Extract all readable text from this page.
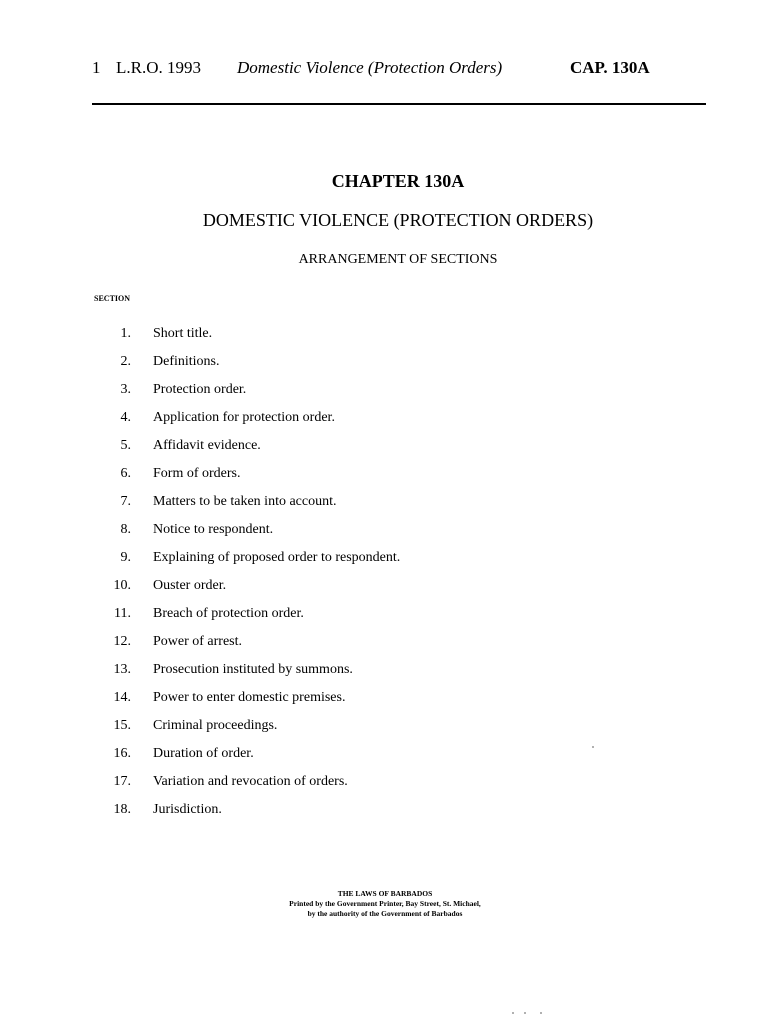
1 L.R.O. 1993 Domestic Violence (Protection Orders)	CAP. 130A
CHAPTER 130A
DOMESTIC VIOLENCE (PROTECTION ORDERS)
ARRANGEMENT OF SECTIONS
SECTION
1. Short title.
2. Definitions.
3. Protection order.
4. Application for protection order.
5. Affidavit evidence.
6. Form of orders.
7. Matters to be taken into account.
8. Notice to respondent.
9. Explaining of proposed order to respondent.
10. Ouster order.
11. Breach of protection order.
12. Power of arrest.
13. Prosecution instituted by summons.
14. Power to enter domestic premises.
15. Criminal proceedings.
16. Duration of order.
17. Variation and revocation of orders.
18. Jurisdiction.
THE LAWS OF BARBADOS
Printed by the Government Printer, Bay Street, St. Michael,
by the authority of the Government of Barbados
